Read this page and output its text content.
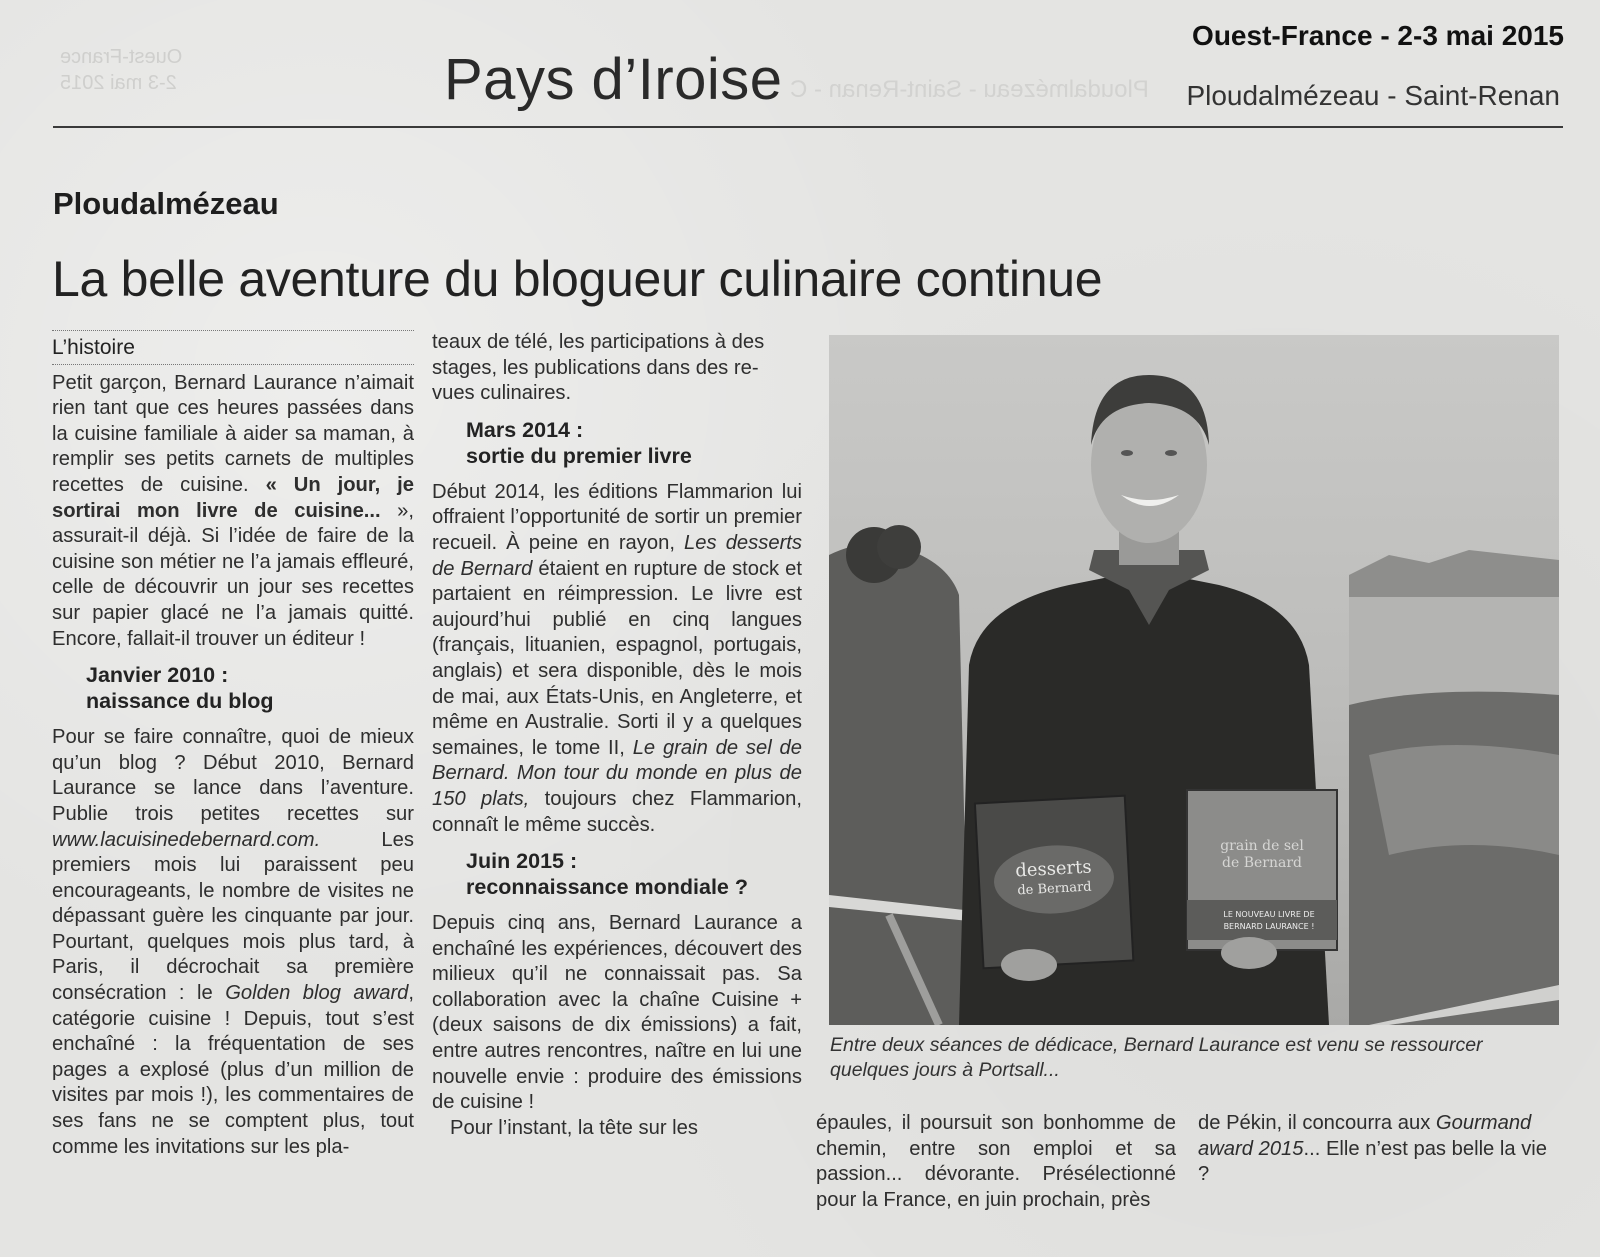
Ouest-France
2-3 mai 2015	Pays d’Iroise Ploudalmézeau - Saint-Renan - C
Ouest-France - 2-3 mai 2015
Ploudalmézeau - Saint-Renan
Ploudalmézeau
La belle aventure du blogueur culinaire continue
L’histoire

Petit garçon, Bernard Laurance n’aimait rien tant que ces heures passées dans la cuisine familiale à aider sa maman, à remplir ses petits carnets de multiples recettes de cuisine. « Un jour, je sortirai mon livre de cuisine... », assurait-il déjà. Si l’idée de faire de la cuisine son métier ne l’a jamais effleuré, celle de découvrir un jour ses recettes sur papier glacé ne l’a jamais quitté. Encore, fallait-il trouver un éditeur !

Janvier 2010 :
naissance du blog

Pour se faire connaître, quoi de mieux qu’un blog ? Début 2010, Bernard Laurance se lance dans l’aventure. Publie trois petites recettes sur www.lacuisinedebernard.com. Les premiers mois lui paraissent peu encourageants, le nombre de visites ne dépassant guère les cinquante par jour. Pourtant, quelques mois plus tard, à Paris, il décrochait sa première consécration : le Golden blog award, catégorie cuisine ! Depuis, tout s’est enchaîné : la fréquentation de ses pages a explosé (plus d’un million de visites par mois !), les commentaires de ses fans ne se comptent plus, tout comme les invitations sur les pla-

teaux de télé, les participations à des stages, les publications dans des re-
vues culinaires.

Mars 2014 :
sortie du premier livre

Début 2014, les éditions Flammarion lui offraient l’opportunité de sortir un premier recueil. À peine en rayon, Les desserts de Bernard étaient en rupture de stock et partaient en réimpression. Le livre est aujourd’hui publié en cinq langues (français, lituanien, espagnol, portugais, anglais) et sera disponible, dès le mois de mai, aux États-Unis, en Angleterre, et même en Australie. Sorti il y a quelques semaines, le tome II, Le grain de sel de Bernard. Mon tour du monde en plus de 150 plats, toujours chez Flammarion, connaît le même succès.

Juin 2015 :
reconnaissance mondiale ?

Depuis cinq ans, Bernard Laurance a enchaîné les expériences, découvert des milieux qu’il ne connaissait pas. Sa collaboration avec la chaîne Cuisine + (deux saisons de dix émissions) a fait, entre autres rencontres, naître en lui une nouvelle envie : produire des émissions de cuisine !

Pour l’instant, la tête sur les

desserts
de Bernard
LE NOUVEAU LIVRE DE
BERNARD LAURANCE !
grain de sel
de Bernard
Entre deux séances de dédicace, Bernard Laurance est venu se ressourcer quelques jours à Portsall...

épaules, il poursuit son bonhomme de chemin, entre son emploi et sa passion... dévorante. Présélectionné pour la France, en juin prochain, près

de Pékin, il concourra aux Gourmand award 2015... Elle n’est pas belle la vie ?
